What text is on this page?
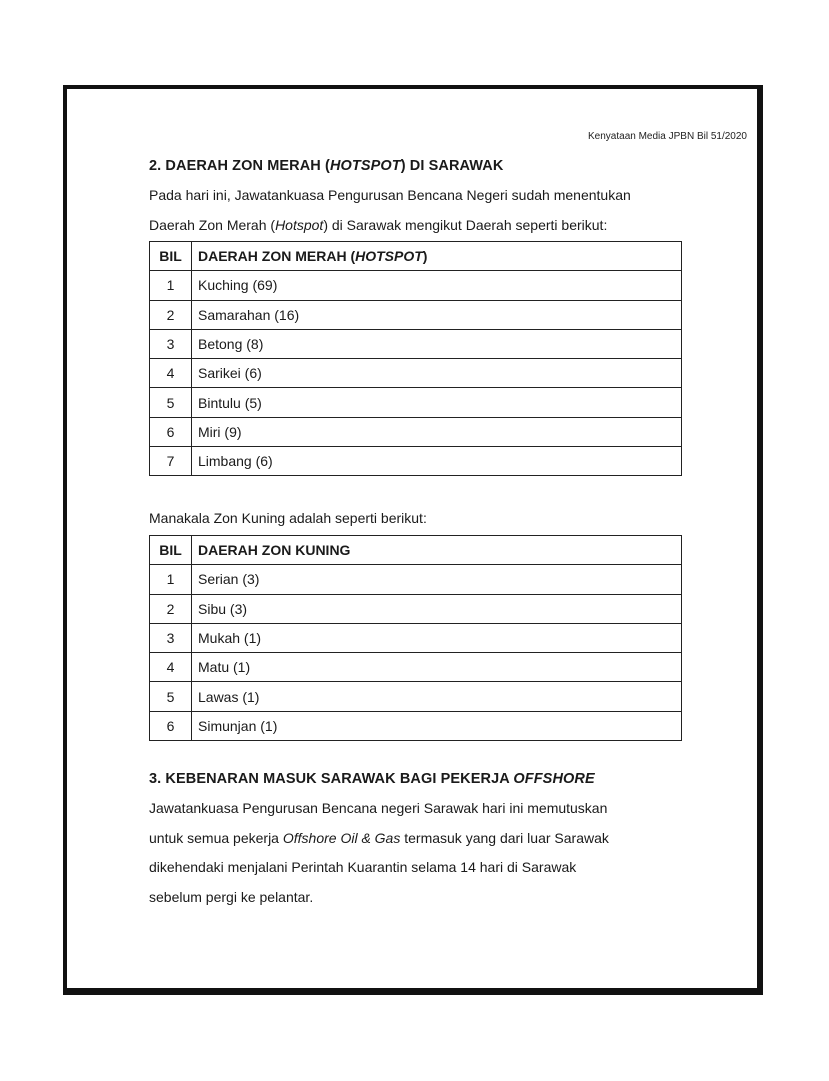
Kenyataan Media JPBN Bil 51/2020
2. DAERAH ZON MERAH (HOTSPOT) DI SARAWAK
Pada hari ini, Jawatankuasa Pengurusan Bencana Negeri sudah menentukan
Daerah Zon Merah (Hotspot) di Sarawak mengikut Daerah seperti berikut:
BIL	DAERAH ZON MERAH (HOTSPOT)
1	Kuching (69)
2	Samarahan (16)
3	Betong (8)
4	Sarikei (6)
5	Bintulu (5)
6	Miri (9)
7	Limbang (6)
Manakala Zon Kuning adalah seperti berikut:
BIL	DAERAH ZON KUNING
1	Serian (3)
2	Sibu (3)
3	Mukah (1)
4	Matu (1)
5	Lawas (1)
6	Simunjan (1)
3. KEBENARAN MASUK SARAWAK BAGI PEKERJA OFFSHORE
Jawatankuasa Pengurusan Bencana negeri Sarawak hari ini memutuskan
untuk semua pekerja Offshore Oil & Gas termasuk yang dari luar Sarawak
dikehendaki menjalani Perintah Kuarantin selama 14 hari di Sarawak
sebelum pergi ke pelantar.
